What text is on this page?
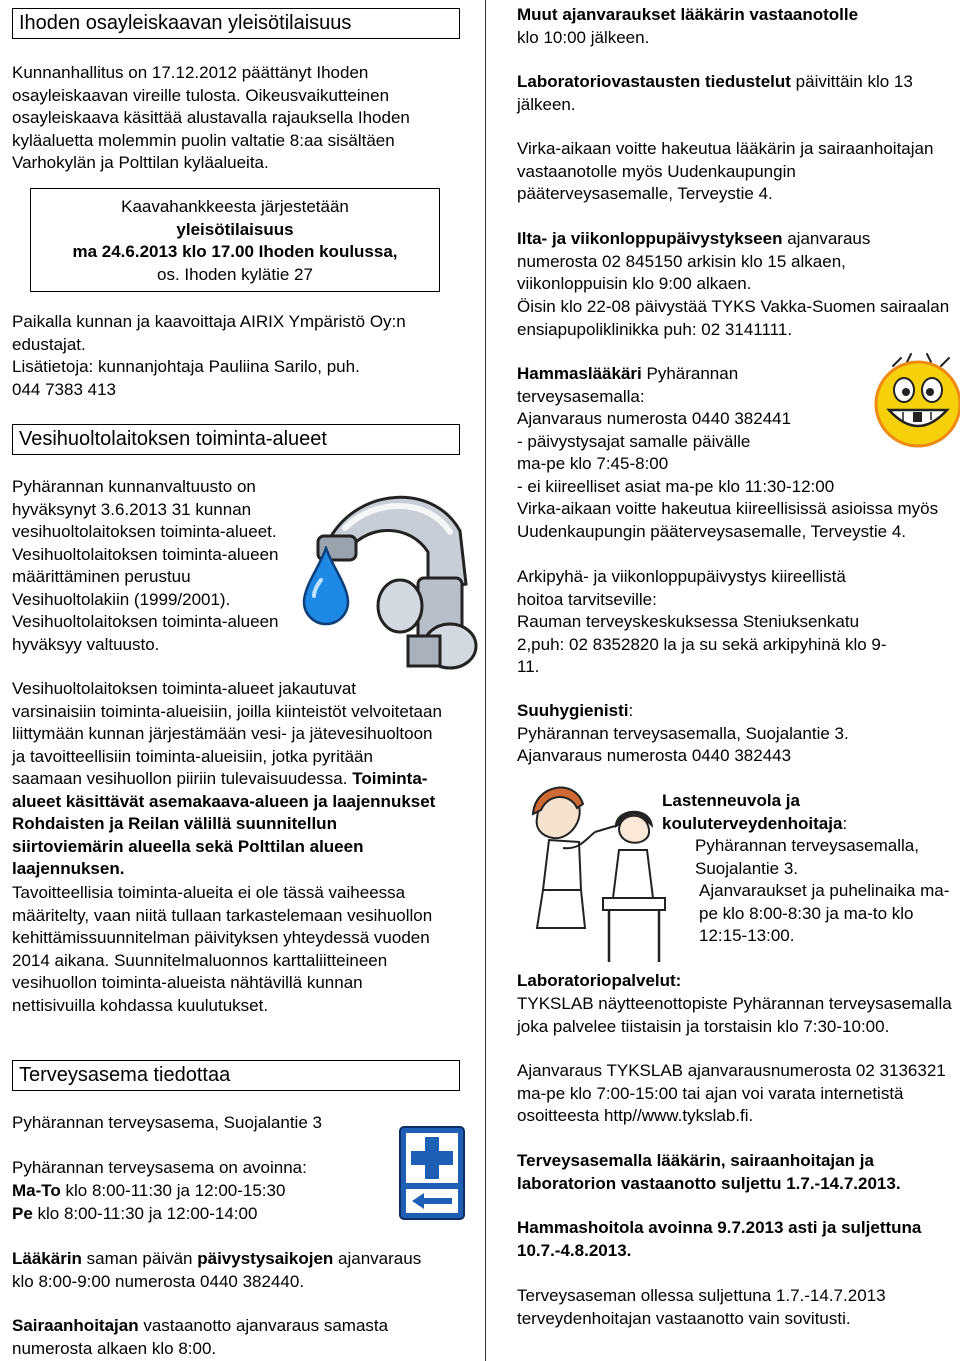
Ihoden osayleiskaavan yleisötilaisuus

Kunnanhallitus on 17.12.2012 päättänyt Ihoden osayleiskaavan vireille tulosta. Oikeusvaikutteinen osayleiskaava käsittää alustavalla rajauksella Ihoden kyläaluetta molemmin puolin valtatie 8:aa sisältäen Varhokylän ja Polttilan kyläalueita.

Kaavahankkeesta järjestetään
yleisötilaisuus
ma 24.6.2013 klo 17.00 Ihoden koulussa,
os. Ihoden kylätie 27

Paikalla kunnan ja kaavoittaja AIRIX Ympäristö Oy:n edustajat.

Lisätietoja: kunnanjohtaja Pauliina Sarilo, puh. 044 7383 413

Vesihuoltolaitoksen toiminta-alueet

Pyhärannan kunnanvaltuusto on hyväksynyt 3.6.2013 31 kunnan vesihuoltolaitoksen toiminta-alueet. Vesihuoltolaitoksen toiminta-alueen määrittäminen perustuu Vesihuoltolakiin (1999/2001). Vesihuoltolaitoksen toiminta-alueen hyväksyy valtuusto.

Vesihuoltolaitoksen toiminta-alueet jakautuvat varsinaisiin toiminta-alueisiin, joilla kiinteistöt velvoitetaan liittymään kunnan järjestämään vesi- ja jätevesihuoltoon ja tavoitteellisiin toiminta-alueisiin, jotka pyritään saamaan vesihuollon piiriin tulevaisuudessa. Toiminta-alueet käsittävät asemakaava-alueen ja laajennukset Rohdaisten ja Reilan välillä suunnitellun siirtoviemärin alueella sekä Polttilan alueen laajennuksen.

Tavoitteellisia toiminta-alueita ei ole tässä vaiheessa määritelty, vaan niitä tullaan tarkastelemaan vesihuollon kehittämissuunnitelman päivityksen yhteydessä vuoden 2014 aikana. Suunnitelmaluonnos karttaliitteineen vesihuollon toiminta-alueista nähtävillä kunnan nettisivuilla kohdassa kuulutukset.

Terveysasema tiedottaa

Pyhärannan terveysasema, Suojalantie 3

Pyhärannan terveysasema on avoinna:

Ma-To klo 8:00-11:30 ja 12:00-15:30

Pe klo 8:00-11:30 ja 12:00-14:00

Lääkärin saman päivän päivystysaikojen ajanvaraus klo 8:00-9:00 numerosta 0440 382440.

Sairaanhoitajan vastaanotto ajanvaraus samasta numerosta alkaen klo 8:00.

Muut ajanvaraukset lääkärin vastaanotolle
klo 10:00 jälkeen.

Laboratoriovastausten tiedustelut päivittäin klo 13 jälkeen.

Virka-aikaan voitte hakeutua lääkärin ja sairaanhoitajan vastaanotolle myös Uudenkaupungin pääterveysasemalle, Terveystie 4.

Ilta- ja viikonloppupäivystykseen ajanvaraus numerosta 02 845150 arkisin klo 15 alkaen, viikonloppuisin klo 9:00 alkaen.

Öisin klo 22-08 päivystää TYKS Vakka-Suomen sairaalan ensiapupoliklinikka puh: 02 3141111.

Hammaslääkäri Pyhärannan terveysasemalla:

Ajanvaraus numerosta 0440 382441

- päivystysajat samalle päivälle

ma-pe klo 7:45-8:00

- ei kiireelliset asiat ma-pe klo 11:30-12:00

Virka-aikaan voitte hakeutua kiireellisissä asioissa myös Uudenkaupungin pääterveysasemalle, Terveystie 4.

Arkipyhä- ja viikonloppupäivystys kiireellistä hoitoa tarvitseville:

Rauman terveyskeskuksessa Steniuksenkatu 2,puh: 02 8352820 la ja su sekä arkipyhinä klo 9-11.

Suuhygienisti:

Pyhärannan terveysasemalla, Suojalantie 3.

Ajanvaraus numerosta 0440 382443

Lastenneuvola ja kouluterveydenhoitaja:

Pyhärannan terveysasemalla, Suojalantie 3.

Ajanvaraukset ja puhelinaika ma-pe klo 8:00-8:30 ja ma-to klo 12:15-13:00.

Laboratoriopalvelut:

TYKSLAB näytteenottopiste Pyhärannan terveysasemalla joka palvelee tiistaisin ja torstaisin klo 7:30-10:00.

Ajanvaraus TYKSLAB ajanvarausnumerosta 02 3136321 ma-pe klo 7:00-15:00 tai ajan voi varata internetistä osoitteesta http//www.tykslab.fi.

Terveysasemalla lääkärin, sairaanhoitajan ja laboratorion vastaanotto suljettu 1.7.-14.7.2013.

Hammashoitola avoinna 9.7.2013 asti ja suljettuna 10.7.-4.8.2013.

Terveysaseman ollessa suljettuna 1.7.-14.7.2013 terveydenhoitajan vastaanotto vain sovitusti.
